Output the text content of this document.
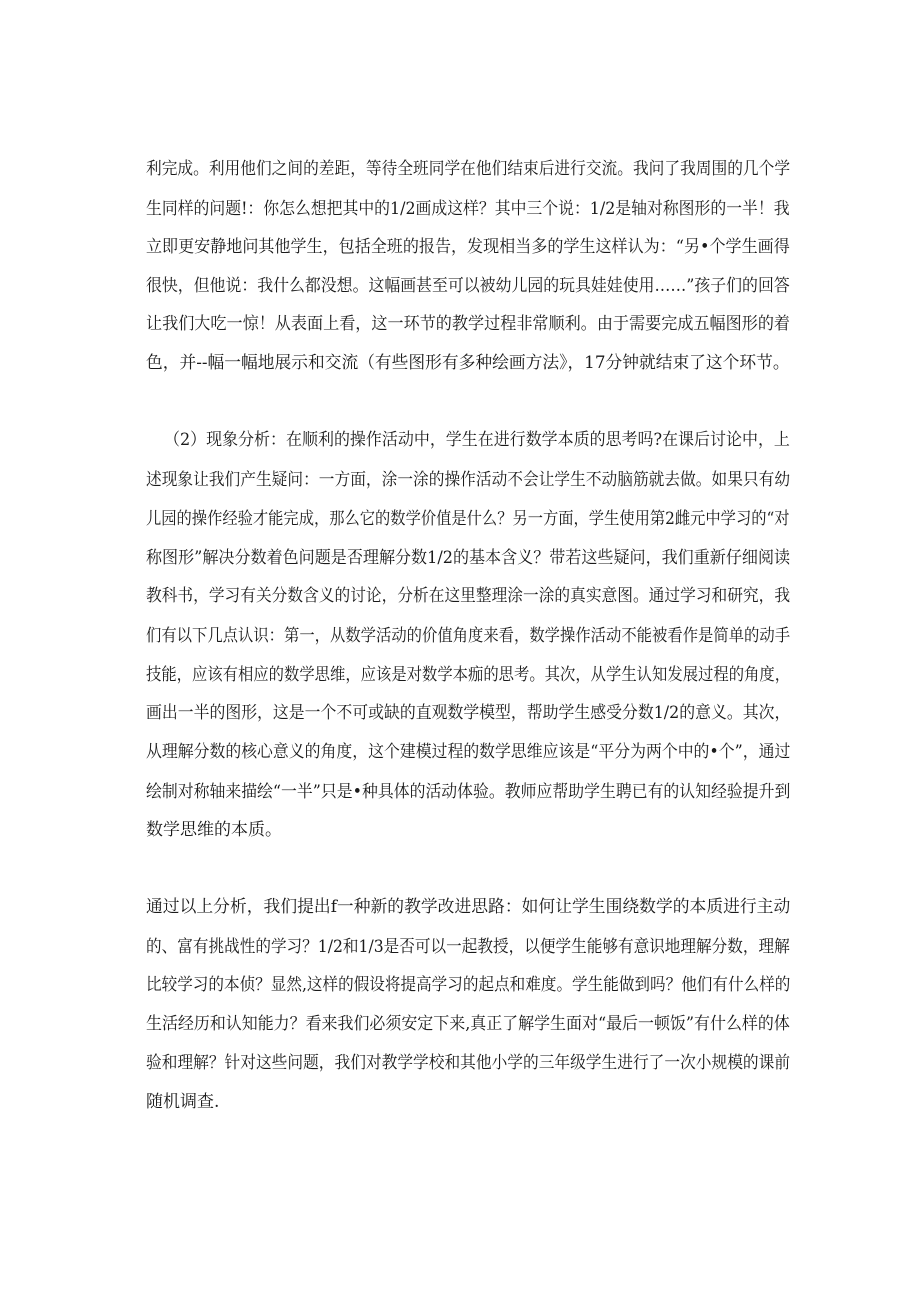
利完成。利用他们之间的差距，等待全班同学在他们结束后进行交流。我问了我周围的几个学
生同样的问题!：你怎么想把其中的1/2画成这样？其中三个说：1/2是轴对称图形的一半！我
立即更安静地问其他学生，包括全班的报告，发现相当多的学生这样认为：“另•个学生画得
很快，但他说：我什么都没想。这幅画甚至可以被幼儿园的玩具娃娃使用……”孩子们的回答
让我们大吃一惊！从表面上看，这一环节的教学过程非常顺利。由于需要完成五幅图形的着
色，并--幅一幅地展示和交流（有些图形有多种绘画方法》，17分钟就结束了这个环节。
（2）现象分析：在顺利的操作活动中，学生在进行数学本质的思考吗?在课后讨论中，上
述现象让我们产生疑问：一方面，涂一涂的操作活动不会让学生不动脑筋就去做。如果只有幼
儿园的操作经验才能完成，那么它的数学价值是什么？另一方面，学生使用第2雌元中学习的“对
称图形”解决分数着色问题是否理解分数1/2的基本含义？带若这些疑问，我们重新仔细阅读
教科书，学习有关分数含义的讨论，分析在这里整理涂一涂的真实意图。通过学习和研究，我
们有以下几点认识：第一，从数学活动的价值角度来看，数学操作活动不能被看作是简单的动手
技能，应该有相应的数学思维，应该是对数学本痂的思考。其次，从学生认知发展过程的角度，
画出一半的图形，这是一个不可或缺的直观数学模型，帮助学生感受分数1/2的意义。其次，
从理解分数的核心意义的角度，这个建模过程的数学思维应该是“平分为两个中的•个”，通过
绘制对称轴来描绘“一半”只是•种具体的活动体验。教师应帮助学生聘已有的认知经验提升到
数学思维的本质。
通过以上分析，我们提出f一种新的教学改进思路：如何让学生围绕数学的本质进行主动
的、富有挑战性的学习？1/2和1/3是否可以一起教授，以便学生能够有意识地理解分数，理解
比较学习的本侦？显然,这样的假设将提高学习的起点和难度。学生能做到吗？他们有什么样的
生活经历和认知能力？看来我们必须安定下来,真正了解学生面对“最后一顿饭”有什么样的体
验和理解？针对这些问题，我们对教学学校和其他小学的三年级学生进行了一次小规模的课前
随机调查.
